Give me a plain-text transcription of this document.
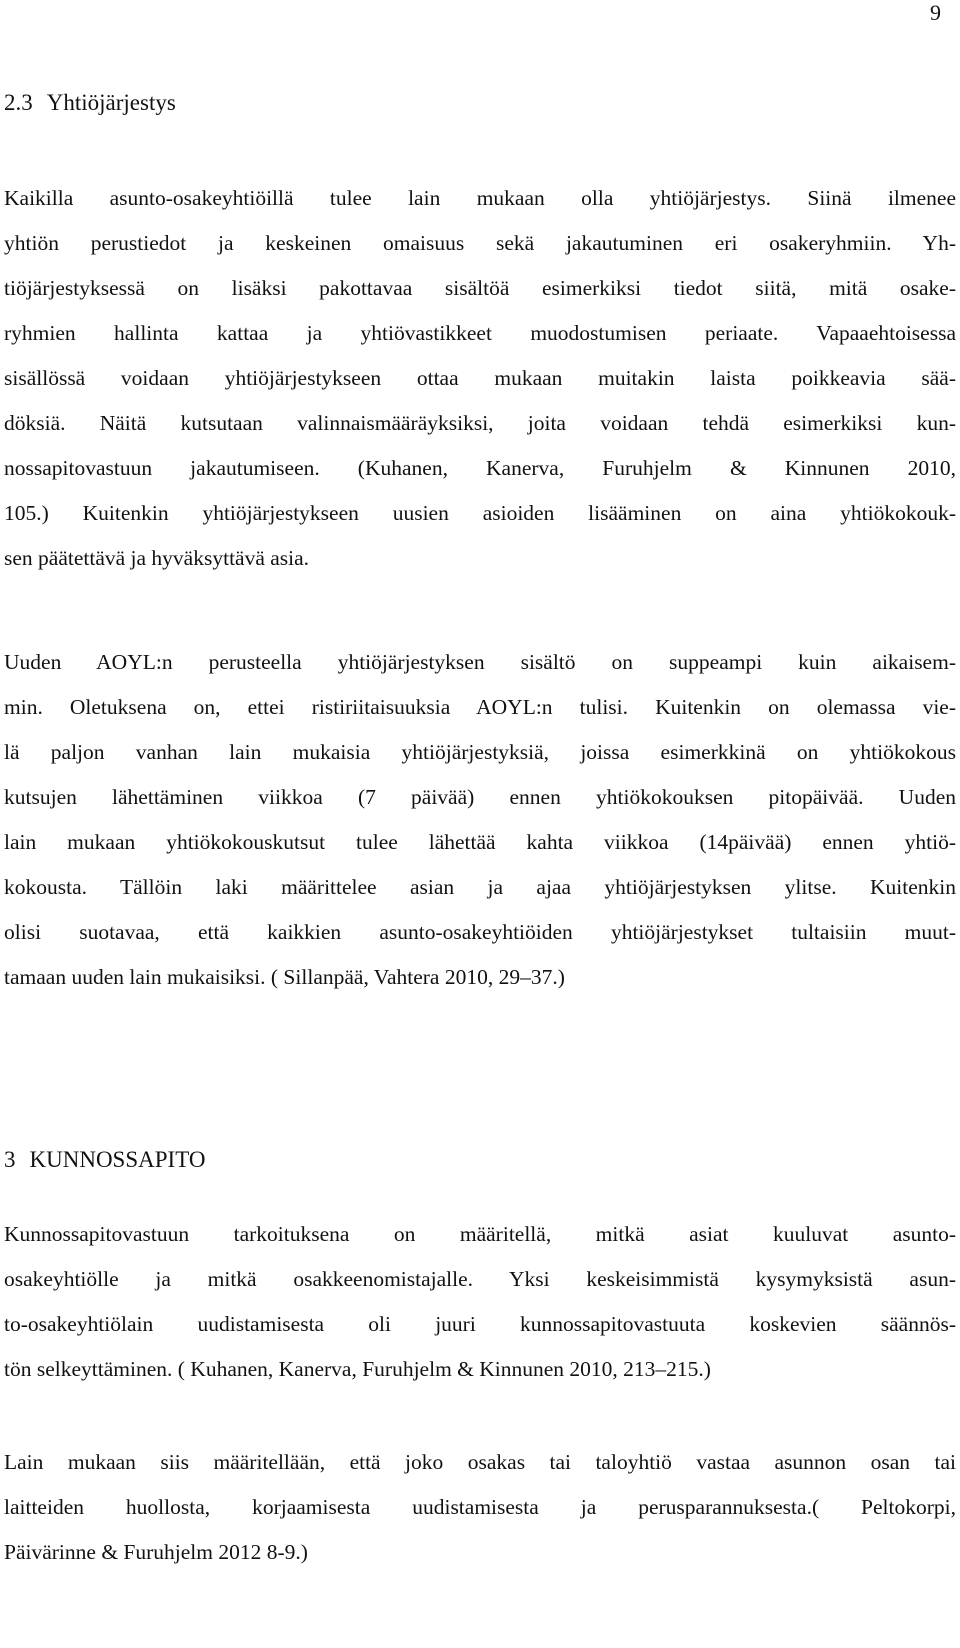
9
2.3 Yhtiöjärjestys
Kaikilla asunto-osakeyhtiöillä tulee lain mukaan olla yhtiöjärjestys. Siinä ilmenee
yhtiön perustiedot ja keskeinen omaisuus sekä jakautuminen eri osakeryhmiin. Yh-
tiöjärjestyksessä on lisäksi pakottavaa sisältöä esimerkiksi tiedot siitä, mitä osake-
ryhmien hallinta kattaa ja yhtiövastikkeet muodostumisen periaate. Vapaaehtoisessa
sisällössä voidaan yhtiöjärjestykseen ottaa mukaan muitakin laista poikkeavia sää-
döksiä. Näitä kutsutaan valinnaismääräyksiksi, joita voidaan tehdä esimerkiksi kun-
nossapitovastuun jakautumiseen. (Kuhanen, Kanerva, Furuhjelm & Kinnunen 2010,
105.) Kuitenkin yhtiöjärjestykseen uusien asioiden lisääminen on aina yhtiökokouk-
sen päätettävä ja hyväksyttävä asia.
Uuden AOYL:n perusteella yhtiöjärjestyksen sisältö on suppeampi kuin aikaisem-
min. Oletuksena on, ettei ristiriitaisuuksia AOYL:n tulisi. Kuitenkin on olemassa vie-
lä paljon vanhan lain mukaisia yhtiöjärjestyksiä, joissa esimerkkinä on yhtiökokous
kutsujen lähettäminen viikkoa (7 päivää) ennen yhtiökokouksen pitopäivää. Uuden
lain mukaan yhtiökokouskutsut tulee lähettää kahta viikkoa (14päivää) ennen yhtiö-
kokousta. Tällöin laki määrittelee asian ja ajaa yhtiöjärjestyksen ylitse. Kuitenkin
olisi suotavaa, että kaikkien asunto-osakeyhtiöiden yhtiöjärjestykset tultaisiin muut-
tamaan uuden lain mukaisiksi. ( Sillanpää, Vahtera 2010, 29–37.)
3 KUNNOSSAPITO
Kunnossapitovastuun tarkoituksena on määritellä, mitkä asiat kuuluvat asunto-
osakeyhtiölle ja mitkä osakkeenomistajalle. Yksi keskeisimmistä kysymyksistä asun-
to-osakeyhtiölain uudistamisesta oli juuri kunnossapitovastuuta koskevien säännös-
tön selkeyttäminen. ( Kuhanen, Kanerva, Furuhjelm & Kinnunen 2010, 213–215.)
Lain mukaan siis määritellään, että joko osakas tai taloyhtiö vastaa asunnon osan tai
laitteiden huollosta, korjaamisesta uudistamisesta ja perusparannuksesta.( Peltokorpi,
Päivärinne & Furuhjelm 2012 8-9.)
